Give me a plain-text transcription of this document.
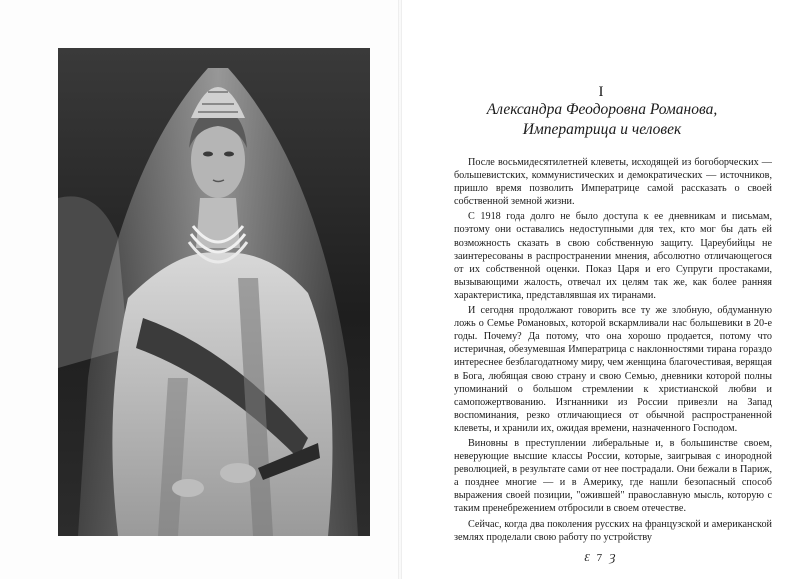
I
Александра Феодоровна Романова,
Императрица и человек

После восьмидесятилетней клеветы, исходящей из богоборческих — большевистских, коммунистических и демократических — источников, пришло время позволить Императрице самой рассказать о своей собственной земной жизни.

С 1918 года долго не было доступа к ее дневникам и письмам, поэтому они оставались недоступными для тех, кто мог бы дать ей возможность сказать в свою собственную защиту. Цареубийцы не заинтересованы в распространении мнения, абсолютно отличающегося от их собственной оценки. Показ Царя и его Супруги простаками, вызывающими жалость, отвечал их целям так же, как более ранняя характеристика, представлявшая их тиранами.

И сегодня продолжают говорить все ту же злобную, обдуманную ложь о Семье Романовых, которой вскармливали нас большевики в 20-е годы. Почему? Да потому, что она хорошо продается, потому что истеричная, обезумевшая Императрица с наклонностями тирана гораздо интереснее безблагодатному миру, чем женщина благочестивая, верящая в Бога, любящая свою страну и свою Семью, дневники которой полны упоминаний о большом стремлении к христианской любви и самопожертвованию. Изгнанники из России привезли на Запад воспоминания, резко отличающиеся от обычной распространенной клеветы, и хранили их, ожидая времени, назначенного Господом.

Виновны в преступлении либеральные и, в большинстве своем, неверующие высшие классы России, которые, заигрывая с инородной революцией, в результате сами от нее пострадали. Они бежали в Париж, а позднее многие — и в Америку, где нашли безопасный способ выражения своей позиции, "ожившей" православную мысль, которую с таким пренебрежением отбросили в своем отечестве.

Сейчас, когда два поколения русских на французской и американской землях проделали свою работу по устройству

Ɛ 7 Ȝ
